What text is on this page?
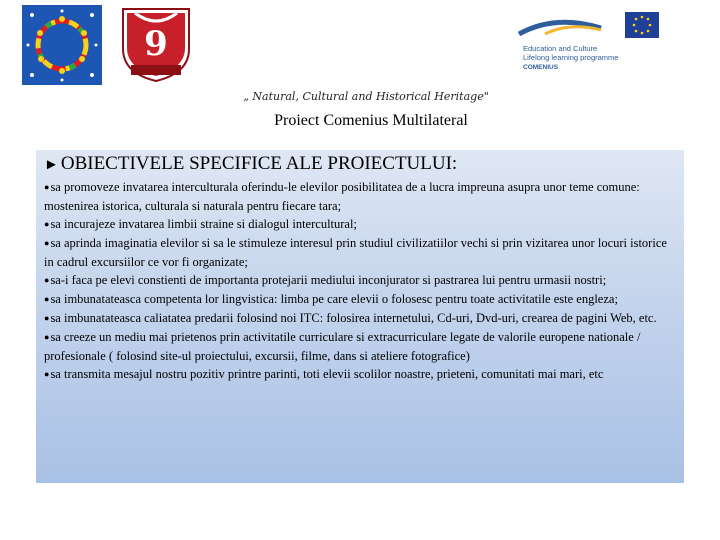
9	Education and Culture
Lifelong learning programme
COMENIUS
„ Natural, Cultural and Historical Heritage"
Proiect Comenius Multilateral
► OBIECTIVELE SPECIFICE ALE PROIECTULUI:
●sa promoveze invatarea interculturala oferindu-le elevilor posibilitatea de a lucra impreuna asupra unor teme comune: mostenirea istorica, culturala si naturala pentru fiecare tara;
●sa incurajeze invatarea limbii straine si dialogul intercultural;
●sa aprinda imaginatia elevilor si sa le stimuleze interesul prin studiul civilizatiilor vechi si prin vizitarea unor locuri istorice in cadrul excursiilor ce vor fi organizate;
●sa-i faca pe elevi constienti de importanta protejarii mediului inconjurator si pastrarea lui pentru urmasii nostri;
●sa imbunatateasca competenta lor lingvistica: limba pe care elevii o folosesc pentru toate activitatile este engleza;
●sa imbunatateasca caliatatea predarii folosind noi ITC: folosirea internetului, Cd-uri, Dvd-uri, crearea de pagini Web, etc.
●sa creeze un mediu mai prietenos prin activitatile curriculare si extracurriculare legate de valorile europene nationale / profesionale ( folosind site-ul proiectului, excursii, filme, dans si ateliere fotografice)
●sa transmita mesajul nostru pozitiv printre parinti, toti elevii scolilor noastre, prieteni, comunitati mai mari, etc
